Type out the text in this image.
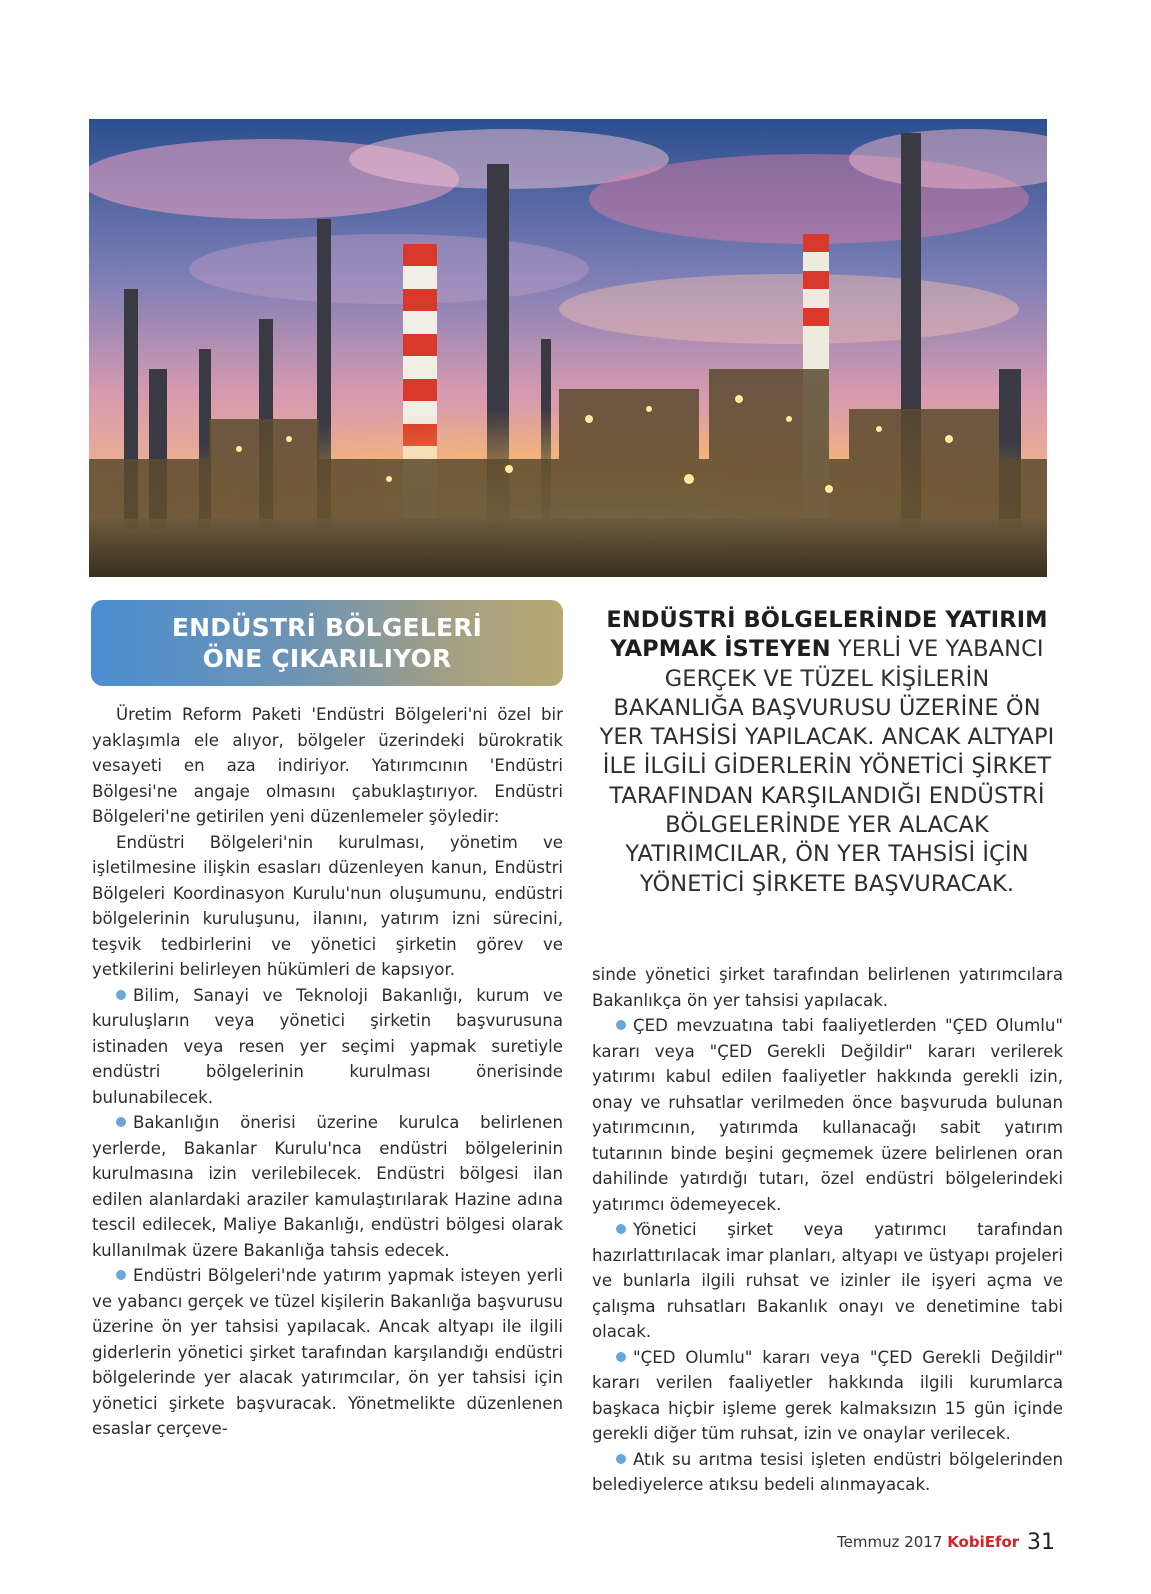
ENDÜSTRİ BÖLGELERİ
ÖNE ÇIKARILIYOR

Üretim Reform Paketi 'Endüstri Bölgeleri'ni özel bir yaklaşımla ele alıyor, bölgeler üzerindeki bürokratik vesayeti en aza indiriyor. Yatırımcının 'Endüstri Bölgesi'ne angaje olmasını çabuklaştırıyor. Endüstri Bölgeleri'ne getirilen yeni düzenlemeler şöyledir:

Endüstri Bölgeleri'nin kurulması, yönetim ve işletilmesine ilişkin esasları düzenleyen kanun, Endüstri Bölgeleri Koordinasyon Kurulu'nun oluşumunu, endüstri bölgelerinin kuruluşunu, ilanını, yatırım izni sürecini, teşvik tedbirlerini ve yönetici şirketin görev ve yetkilerini belirleyen hükümleri de kapsıyor.

Bilim, Sanayi ve Teknoloji Bakanlığı, kurum ve kuruluşların veya yönetici şirketin başvurusuna istinaden veya resen yer seçimi yapmak suretiyle endüstri bölgelerinin kurulması önerisinde bulunabilecek.

Bakanlığın önerisi üzerine kurulca belirlenen yerlerde, Bakanlar Kurulu'nca endüstri bölgelerinin kurulmasına izin verilebilecek. Endüstri bölgesi ilan edilen alanlardaki araziler kamulaştırılarak Hazine adına tescil edilecek, Maliye Bakanlığı, endüstri bölgesi olarak kullanılmak üzere Bakanlığa tahsis edecek.

Endüstri Bölgeleri'nde yatırım yapmak isteyen yerli ve yabancı gerçek ve tüzel kişilerin Bakanlığa başvurusu üzerine ön yer tahsisi yapılacak. Ancak altyapı ile ilgili giderlerin yönetici şirket tarafından karşılandığı endüstri bölgelerinde yer alacak yatırımcılar, ön yer tahsisi için yönetici şirkete başvuracak. Yönetmelikte düzenlenen esaslar çerçeve-

ENDÜSTRİ BÖLGELERİNDE YATIRIM YAPMAK İSTEYEN YERLİ VE YABANCI GERÇEK VE TÜZEL KİŞİLERİN BAKANLIĞA BAŞVURUSU ÜZERİNE ÖN YER TAHSİSİ YAPILACAK. ANCAK ALTYAPI İLE İLGİLİ GİDERLERİN YÖNETİCİ ŞİRKET TARAFINDAN KARŞILANDIĞI ENDÜSTRİ BÖLGELERİNDE YER ALACAK YATIRIMCILAR, ÖN YER TAHSİSİ İÇİN YÖNETİCİ ŞİRKETE BAŞVURACAK.

sinde yönetici şirket tarafından belirlenen yatırımcılara Bakanlıkça ön yer tahsisi yapılacak.

ÇED mevzuatına tabi faaliyetlerden "ÇED Olumlu" kararı veya "ÇED Gerekli Değildir" kararı verilerek yatırımı kabul edilen faaliyetler hakkında gerekli izin, onay ve ruhsatlar verilmeden önce başvuruda bulunan yatırımcının, yatırımda kullanacağı sabit yatırım tutarının binde beşini geçmemek üzere belirlenen oran dahilinde yatırdığı tutarı, özel endüstri bölgelerindeki yatırımcı ödemeyecek.

Yönetici şirket veya yatırımcı tarafından hazırlattırılacak imar planları, altyapı ve üstyapı projeleri ve bunlarla ilgili ruhsat ve izinler ile işyeri açma ve çalışma ruhsatları Bakanlık onayı ve denetimine tabi olacak.

"ÇED Olumlu" kararı veya "ÇED Gerekli Değildir" kararı verilen faaliyetler hakkında ilgili kurumlarca başkaca hiçbir işleme gerek kalmaksızın 15 gün içinde gerekli diğer tüm ruhsat, izin ve onaylar verilecek.

Atık su arıtma tesisi işleten endüstri bölgelerinden belediyelerce atıksu bedeli alınmayacak.

Temmuz 2017 KobiEfor 31
